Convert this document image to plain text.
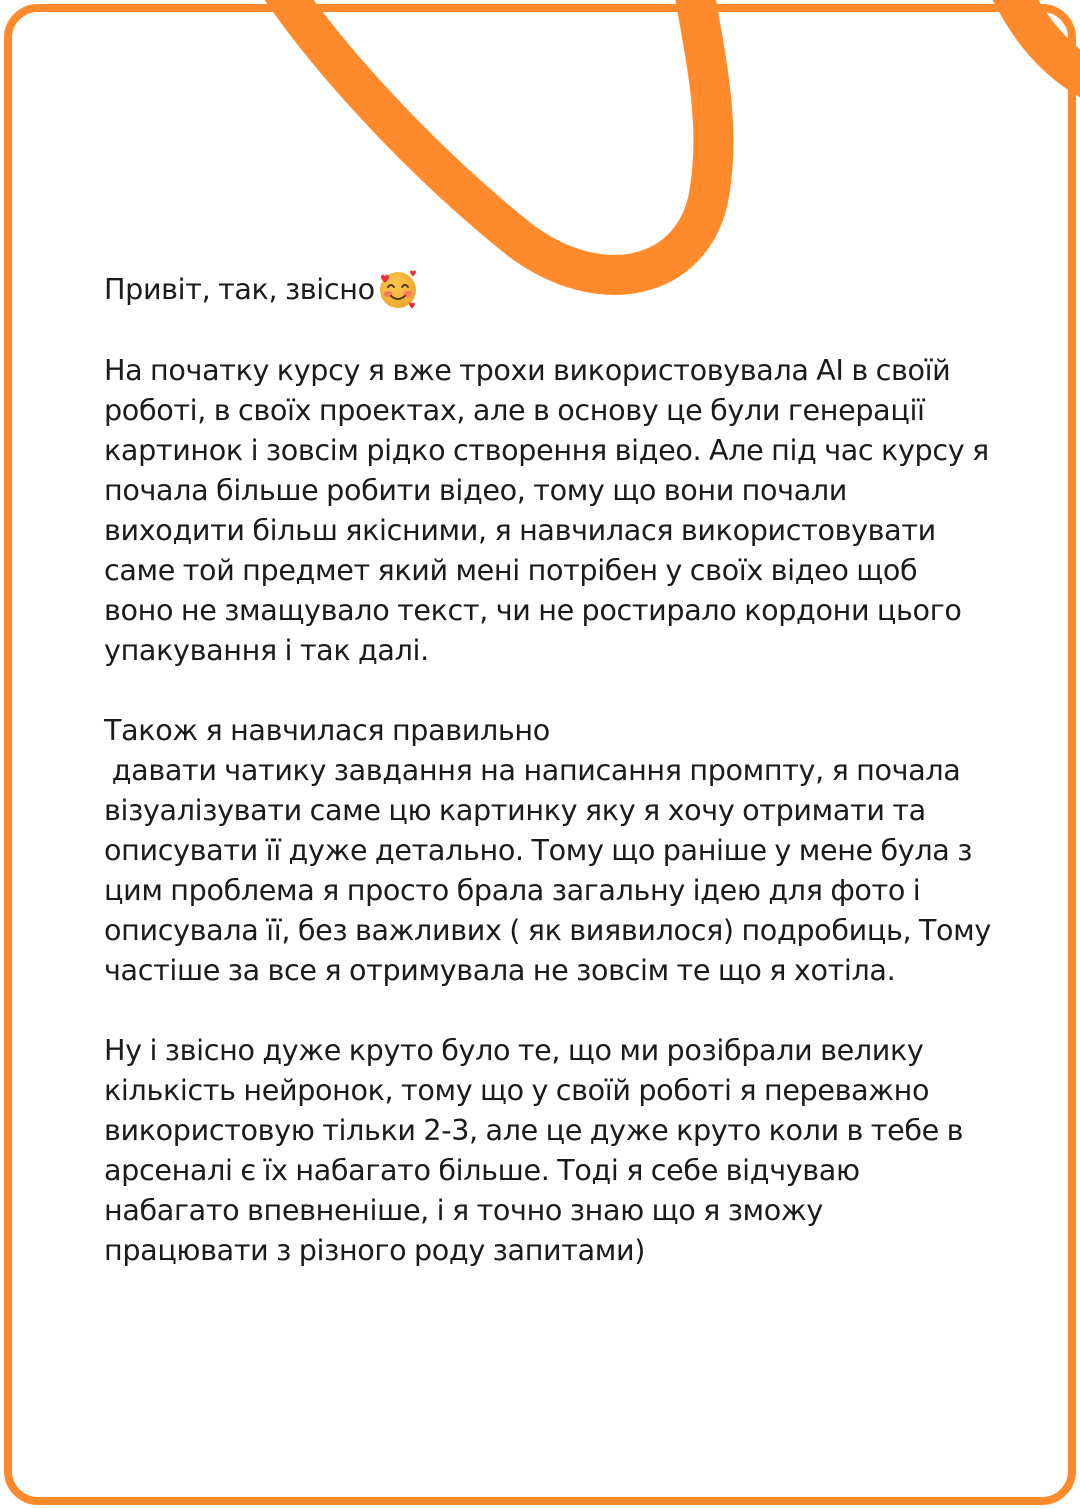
Привіт, так, звісно

На початку курсу я вже трохи використовувала AI в своїй
роботі, в своїх проектах, але в основу це були генерації
картинок і зовсім рідко створення відео. Але під час курсу я
почала більше робити відео, тому що вони почали
виходити більш якісними, я навчилася використовувати
саме той предмет який мені потрібен у своїх відео щоб
воно не змащувало текст, чи не ростирало кордони цього
упакування і так далі.

Також я навчилася правильно
давати чатику завдання на написання промпту, я почала
візуалізувати саме цю картинку яку я хочу отримати та
описувати її дуже детально. Тому що раніше у мене була з
цим проблема я просто брала загальну ідею для фото і
описувала її, без важливих ( як виявилося) подробиць, Тому
частіше за все я отримувала не зовсім те що я хотіла.

Ну і звісно дуже круто було те, що ми розібрали велику
кількість нейронок, тому що у своїй роботі я переважно
використовую тільки 2-3, але це дуже круто коли в тебе в
арсеналі є їх набагато більше. Тоді я себе відчуваю
набагато впевненіше, і я точно знаю що я зможу
працювати з різного роду запитами)
